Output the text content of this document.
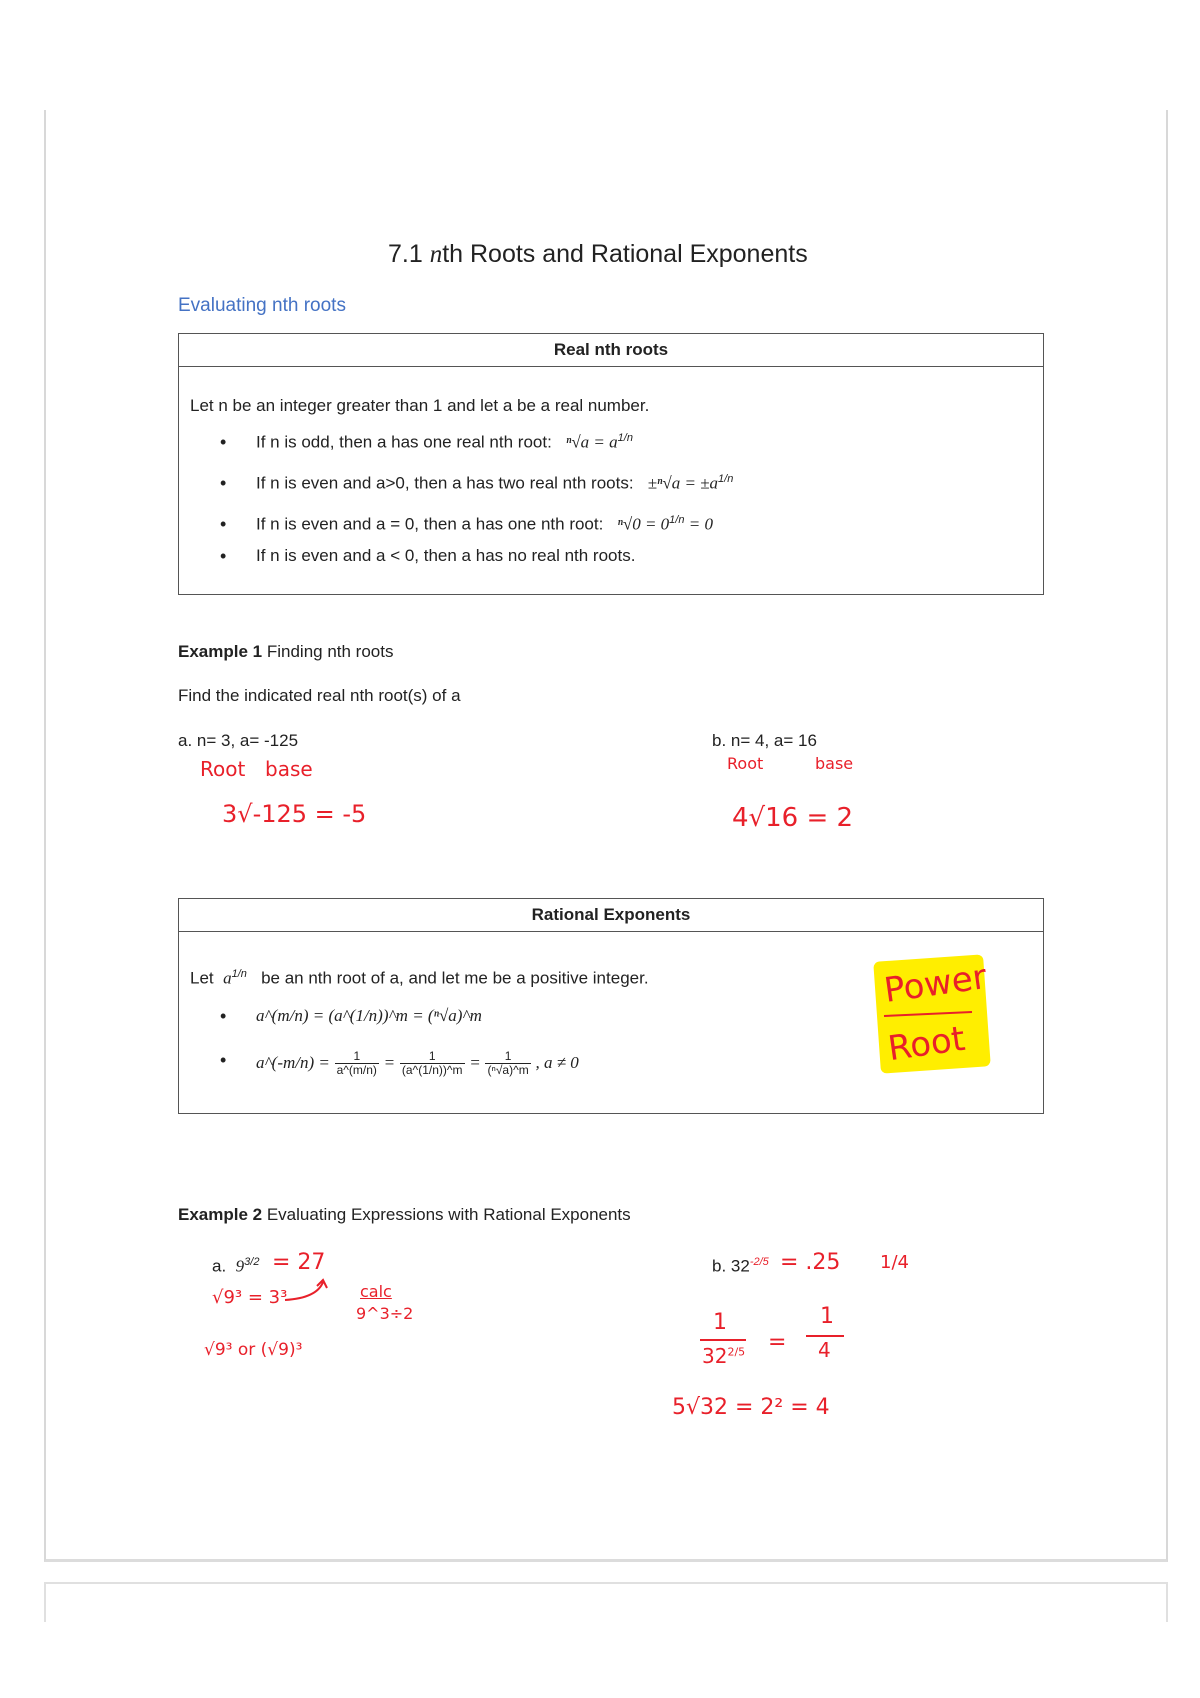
7.1 nth Roots and Rational Exponents
Evaluating nth roots
Real nth roots
Let n be an integer greater than 1 and let a be a real number.
• If n is odd, then a has one real nth root: $^n√a = a^{1/n}$
• If n is even and a>0, then a has two real nth roots: $\pm^n√a = \pm a^{1/n}$
• If n is even and a = 0, then a has one nth root: $^n√0 = 0^{1/n} = 0$
• If n is even and a < 0, then a has no real nth roots.
Example 1 Finding nth roots
Find the indicated real nth root(s) of a
a. n= 3, a= -125
Root base
3√-125 = -5
b. n= 4, a= 16
Root	base
4√16 = 2
Rational Exponents
Let $a^{1/n}$ be an nth root of a, and let me be a positive integer.
• a^(m/n) = (a^(1/n))^m = (ⁿ√a)^m
• a^(-m/n) = $\frac{1}{a\^{}(m/n)} = \frac{1}{(a\^{}(1/n))\^{}m} = \frac{1}{\text{(ⁿ√a)\textasciicircum{}m}}$ , a ≠ 0
Power
Root
Example 2 Evaluating Expressions with Rational Exponents
a. $9^{3/2} = 27$
√9³ = 3³	calc
9^3÷2
√9³ or (√9)³
b. $32^{-2/5} = .25$ 1/4
1
$32^{2/5}$ =
1
4
5√32 = 2² = 4
